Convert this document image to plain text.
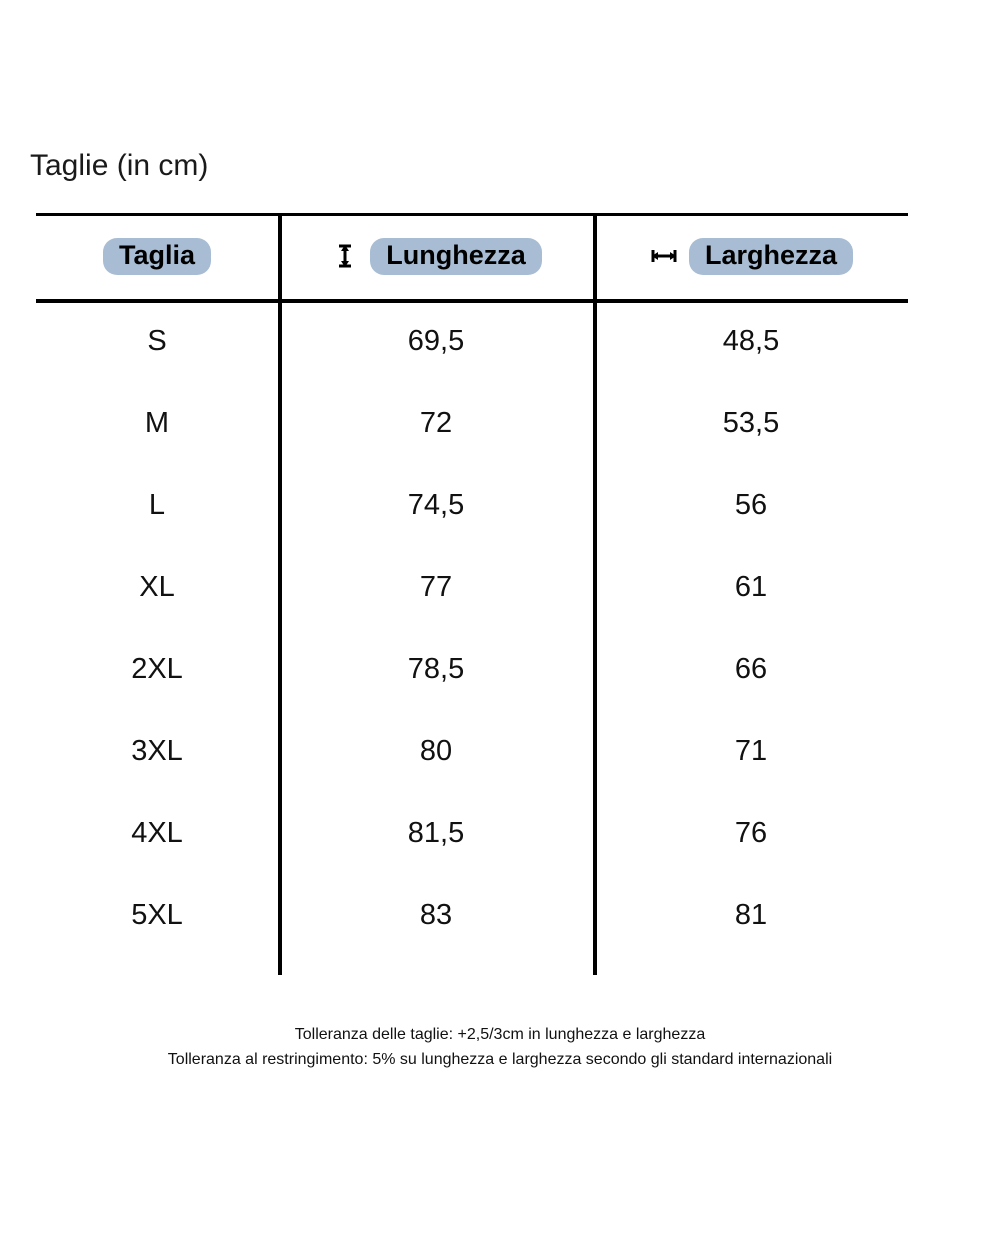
Taglie (in cm)
Taglia	Lunghezza	Larghezza

S	69,5	48,5
M	72	53,5
L	74,5	56
XL	77	61
2XL	78,5	66
3XL	80	71
4XL	81,5	76
5XL	83	81
Tolleranza delle taglie: +2,5/3cm in lunghezza e larghezza
Tolleranza al restringimento: 5% su lunghezza e larghezza secondo gli standard internazionali
